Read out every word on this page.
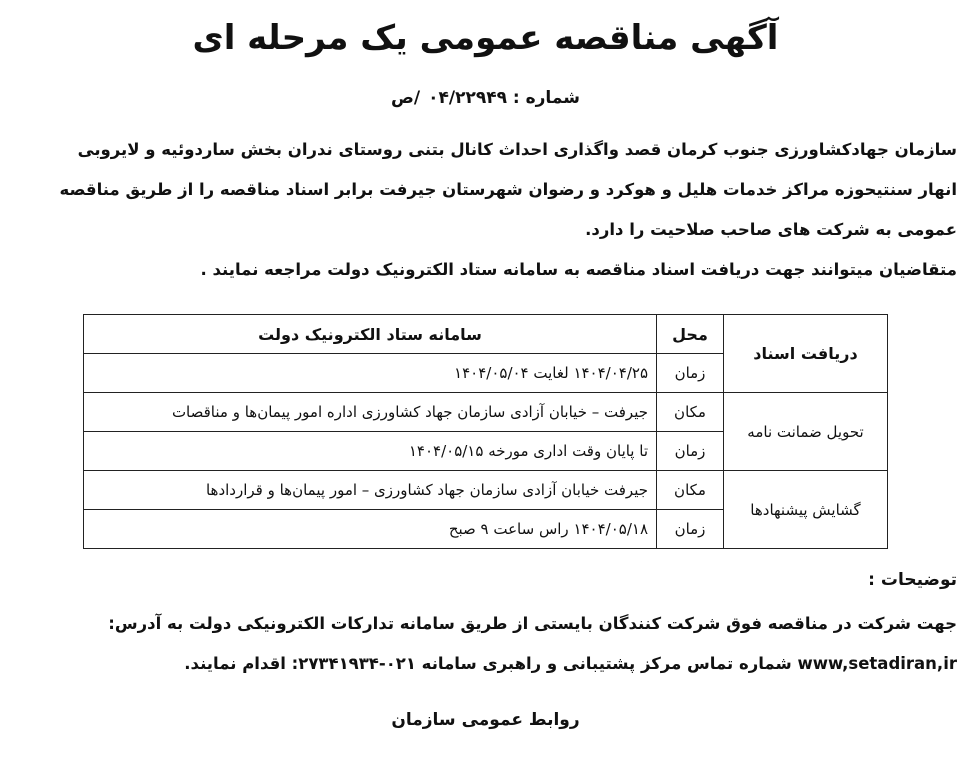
آگهی مناقصه عمومی یک مرحله ای
شماره : ۰۴/۲۲۹۴۹/ص

سازمان جهادکشاورزی جنوب کرمان قصد واگذاری احداث کانال بتنی روستای ندران بخش ساردوئیه و لایروبی

انهار سنتیحوزه مراکز خدمات هلیل و هوکرد و رضوان شهرستان جیرفت برابر اسناد مناقصه را از طریق مناقصه

عمومی به شرکت های صاحب صلاحیت را دارد.

متقاضیان میتوانند جهت دریافت اسناد مناقصه به سامانه ستاد الکترونیک دولت مراجعه نمایند .

دریافت اسناد	محل	سامانه ستاد الکترونیک دولت
	زمان	۱۴۰۴/۰۴/۲۵ لغایت ۱۴۰۴/۰۵/۰۴
تحویل ضمانت نامه	مکان	جیرفت – خیابان آزادی سازمان جهاد کشاورزی اداره امور پیمان‌ها و مناقصات
	زمان	تا پایان وقت اداری مورخه ۱۴۰۴/۰۵/۱۵
گشایش پیشنهادها	مکان	جیرفت خیابان آزادی سازمان جهاد کشاورزی – امور پیمان‌ها و قراردادها
	زمان	۱۴۰۴/۰۵/۱۸ راس ساعت ۹ صبح
توضیحات :

جهت شرکت در مناقصه فوق شرکت کنندگان بایستی از طریق سامانه تدارکات الکترونیکی دولت به آدرس:

www,setadiran,ir شماره تماس مرکز پشتیبانی و راهبری سامانه ۰۲۱-۲۷۳۴۱۹۳۴: اقدام نمایند.

روابط عمومی سازمان
